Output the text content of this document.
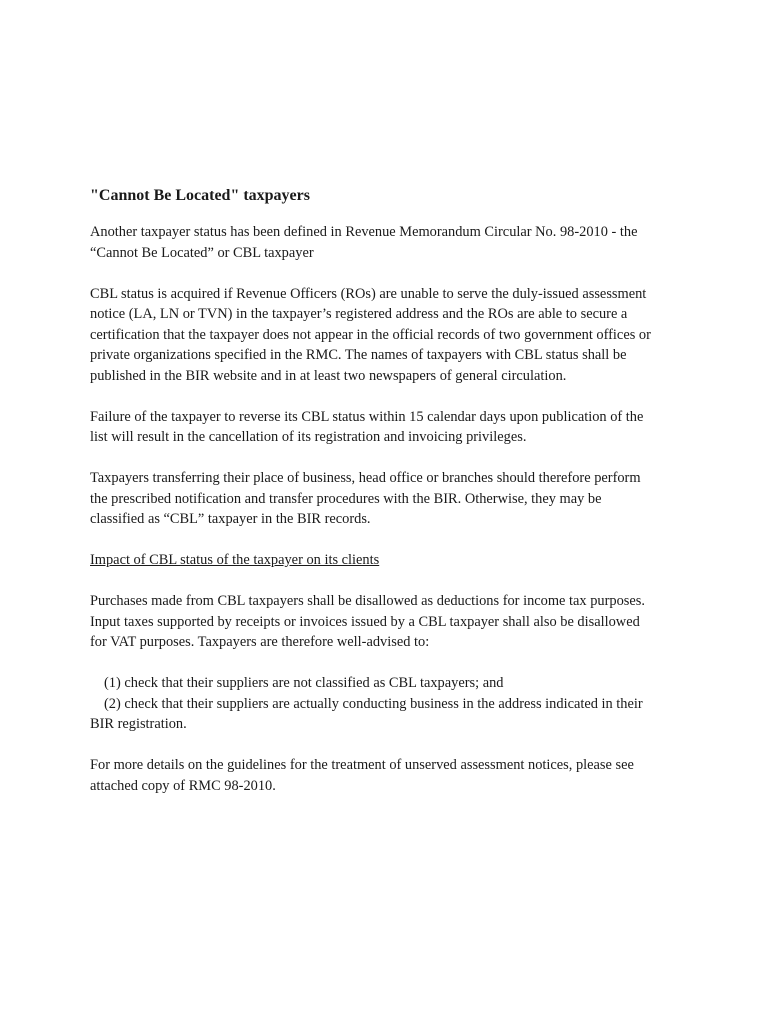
"Cannot Be Located" taxpayers
Another taxpayer status has been defined in Revenue Memorandum Circular No. 98-2010 - the
“Cannot Be Located” or CBL taxpayer
CBL status is acquired if Revenue Officers (ROs) are unable to serve the duly-issued assessment
notice (LA, LN or TVN) in the taxpayer’s registered address and the ROs are able to secure a
certification that the taxpayer does not appear in the official records of two government offices or
private organizations specified in the RMC. The names of taxpayers with CBL status shall be
published in the BIR website and in at least two newspapers of general circulation.
Failure of the taxpayer to reverse its CBL status within 15 calendar days upon publication of the
list will result in the cancellation of its registration and invoicing privileges.
Taxpayers transferring their place of business, head office or branches should therefore perform
the prescribed notification and transfer procedures with the BIR. Otherwise, they may be
classified as “CBL” taxpayer in the BIR records.
Impact of CBL status of the taxpayer on its clients
Purchases made from CBL taxpayers shall be disallowed as deductions for income tax purposes.
Input taxes supported by receipts or invoices issued by a CBL taxpayer shall also be disallowed
for VAT purposes. Taxpayers are therefore well-advised to:
(1) check that their suppliers are not classified as CBL taxpayers; and
(2) check that their suppliers are actually conducting business in the address indicated in their
BIR registration.
For more details on the guidelines for the treatment of unserved assessment notices, please see
attached copy of RMC 98-2010.
